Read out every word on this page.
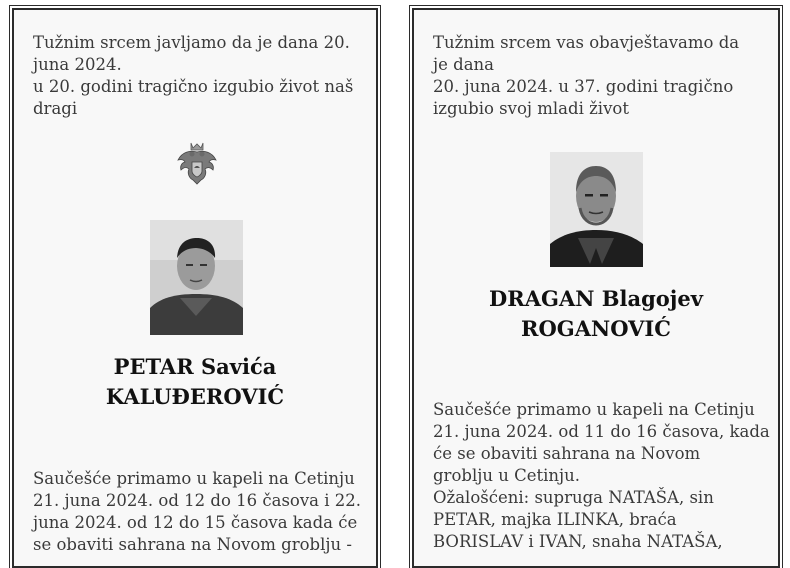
Tužnim srcem javljamo da je dana 20.

juna 2024.

u 20. godini tragično izgubio život naš

dragi

PETAR Savića
KALUĐEROVIĆ

Saučešće primamo u kapeli na Cetinju

21. juna 2024. od 12 do 16 časova i 22.

juna 2024. od 12 do 15 časova kada će

se obaviti sahrana na Novom groblju -

Tužnim srcem vas obavještavamo da

je dana

20. juna 2024. u 37. godini tragično

izgubio svoj mladi život

DRAGAN Blagojev
ROGANOVIĆ

Saučešće primamo u kapeli na Cetinju

21. juna 2024. od 11 do 16 časova, kada

će se obaviti sahrana na Novom

groblju u Cetinju.

Ožalošćeni: supruga NATAŠA, sin

PETAR, majka ILINKA, braća

BORISLAV i IVAN, snaha NATAŠA,
